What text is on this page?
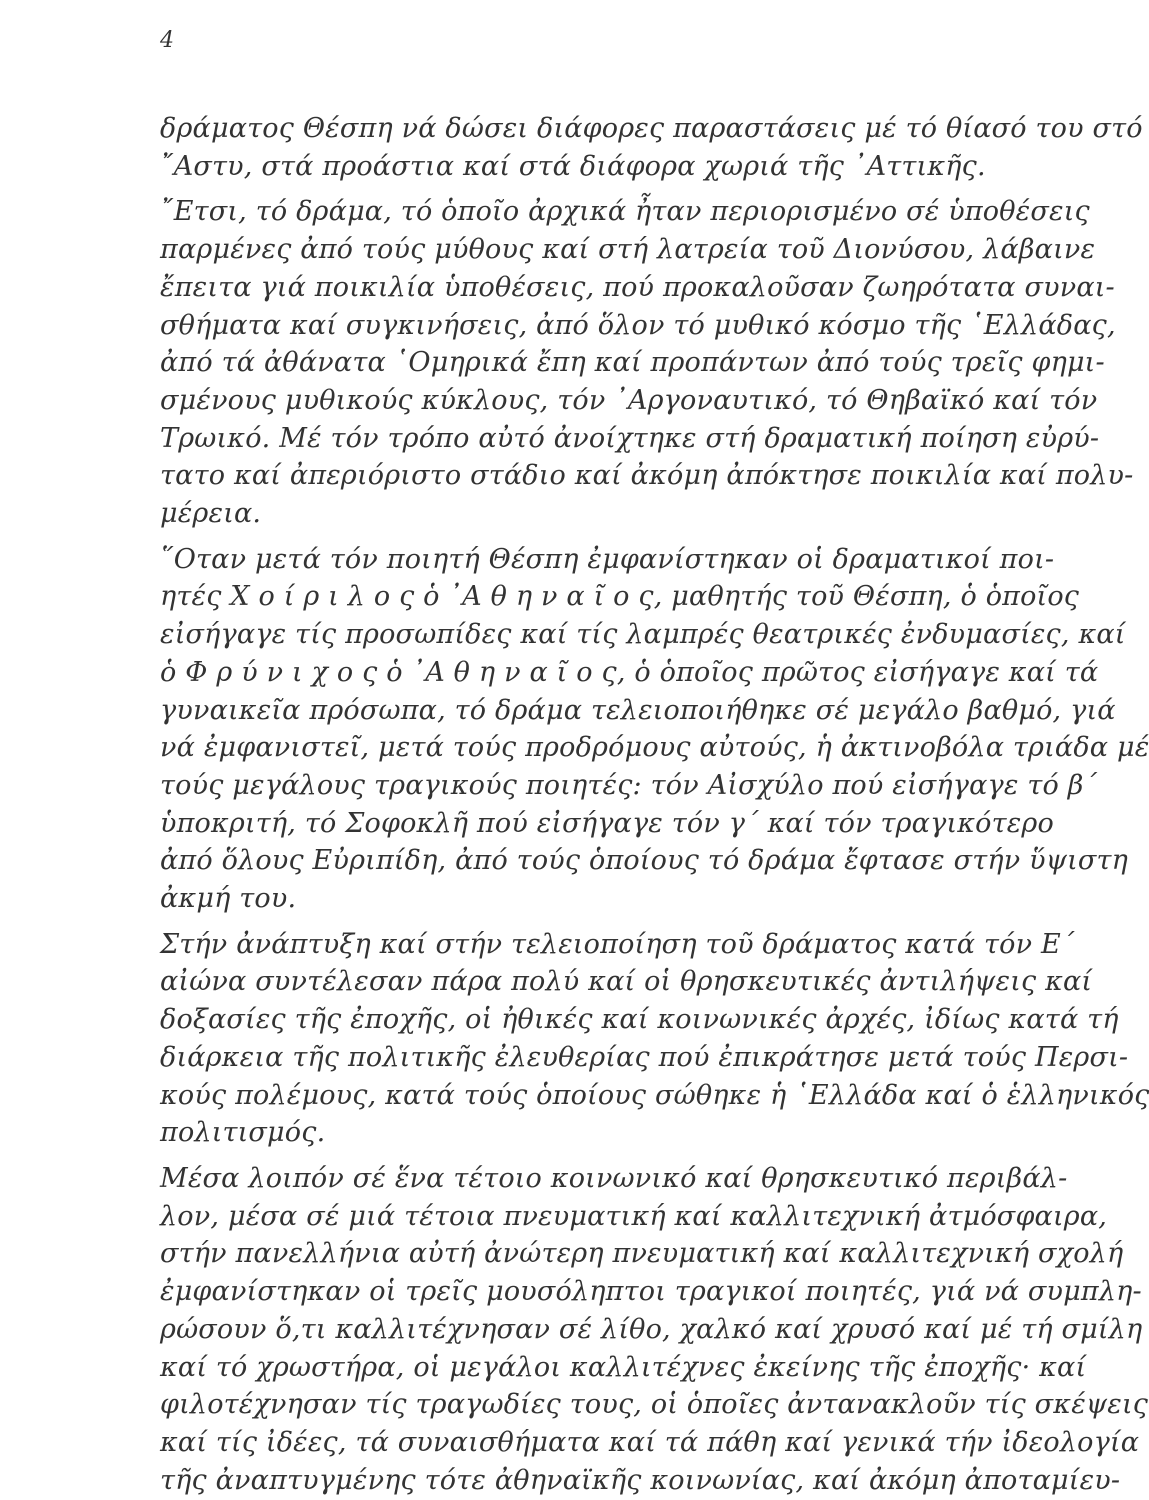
4
δράματος Θέσπη νά δώσει διάφορες παραστάσεις μέ τό θίασό του στό
῎Αστυ, στά προάστια καί στά διάφορα χωριά τῆς ᾿Αττικῆς.
῎Ετσι, τό δράμα, τό ὁποῖο ἀρχικά ἦταν περιορισμένο σέ ὑποθέσεις
παρμένες ἀπό τούς μύθους καί στή λατρεία τοῦ Διονύσου, λάβαινε
ἔπειτα γιά ποικιλία ὑποθέσεις, πού προκαλοῦσαν ζωηρότατα συναι-
σθήματα καί συγκινήσεις, ἀπό ὅλον τό μυθικό κόσμο τῆς ῾Ελλάδας,
ἀπό τά ἀθάνατα ῾Ομηρικά ἔπη καί προπάντων ἀπό τούς τρεῖς φημι-
σμένους μυθικούς κύκλους, τόν ᾿Αργοναυτικό, τό Θηβαϊκό καί τόν
Τρωικό. Μέ τόν τρόπο αὐτό ἀνοίχτηκε στή δραματική ποίηση εὐρύ-
τατο καί ἀπεριόριστο στάδιο καί ἀκόμη ἀπόκτησε ποικιλία καί πολυ-
μέρεια.
῞Οταν μετά τόν ποιητή Θέσπη ἐμφανίστηκαν οἱ δραματικοί ποι-
ητές Χ ο ί ρ ι λ ο ς ὁ ᾿Α θ η ν α ῖ ο ς, μαθητής τοῦ Θέσπη, ὁ ὁποῖος
εἰσήγαγε τίς προσωπίδες καί τίς λαμπρές θεατρικές ἐνδυμασίες, καί
ὁ Φ ρ ύ ν ι χ ο ς ὁ ᾿Α θ η ν α ῖ ο ς, ὁ ὁποῖος πρῶτος εἰσήγαγε καί τά
γυναικεῖα πρόσωπα, τό δράμα τελειοποιήθηκε σέ μεγάλο βαθμό, γιά
νά ἐμφανιστεῖ, μετά τούς προδρόμους αὐτούς, ἡ ἀκτινοβόλα τριάδα μέ
τούς μεγάλους τραγικούς ποιητές: τόν Αἰσχύλο πού εἰσήγαγε τό β´
ὑποκριτή, τό Σοφοκλῆ πού εἰσήγαγε τόν γ´ καί τόν τραγικότερο
ἀπό ὅλους Εὐριπίδη, ἀπό τούς ὁποίους τό δράμα ἔφτασε στήν ὕψιστη
ἀκμή του.
Στήν ἀνάπτυξη καί στήν τελειοποίηση τοῦ δράματος κατά τόν Ε´
αἰώνα συντέλεσαν πάρα πολύ καί οἱ θρησκευτικές ἀντιλήψεις καί
δοξασίες τῆς ἐποχῆς, οἱ ἠθικές καί κοινωνικές ἀρχές, ἰδίως κατά τή
διάρκεια τῆς πολιτικῆς ἐλευθερίας πού ἐπικράτησε μετά τούς Περσι-
κούς πολέμους, κατά τούς ὁποίους σώθηκε ἡ ῾Ελλάδα καί ὁ ἑλληνικός
πολιτισμός.
Μέσα λοιπόν σέ ἕνα τέτοιο κοινωνικό καί θρησκευτικό περιβάλ-
λον, μέσα σέ μιά τέτοια πνευματική καί καλλιτεχνική ἀτμόσφαιρα,
στήν πανελλήνια αὐτή ἀνώτερη πνευματική καί καλλιτεχνική σχολή
ἐμφανίστηκαν οἱ τρεῖς μουσόληπτοι τραγικοί ποιητές, γιά νά συμπλη-
ρώσουν ὅ,τι καλλιτέχνησαν σέ λίθο, χαλκό καί χρυσό καί μέ τή σμίλη
καί τό χρωστήρα, οἱ μεγάλοι καλλιτέχνες ἐκείνης τῆς ἐποχῆς· καί
φιλοτέχνησαν τίς τραγωδίες τους, οἱ ὁποῖες ἀντανακλοῦν τίς σκέψεις
καί τίς ἰδέες, τά συναισθήματα καί τά πάθη καί γενικά τήν ἰδεολογία
τῆς ἀναπτυγμένης τότε ἀθηναϊκῆς κοινωνίας, καί ἀκόμη ἀποταμίευ-
